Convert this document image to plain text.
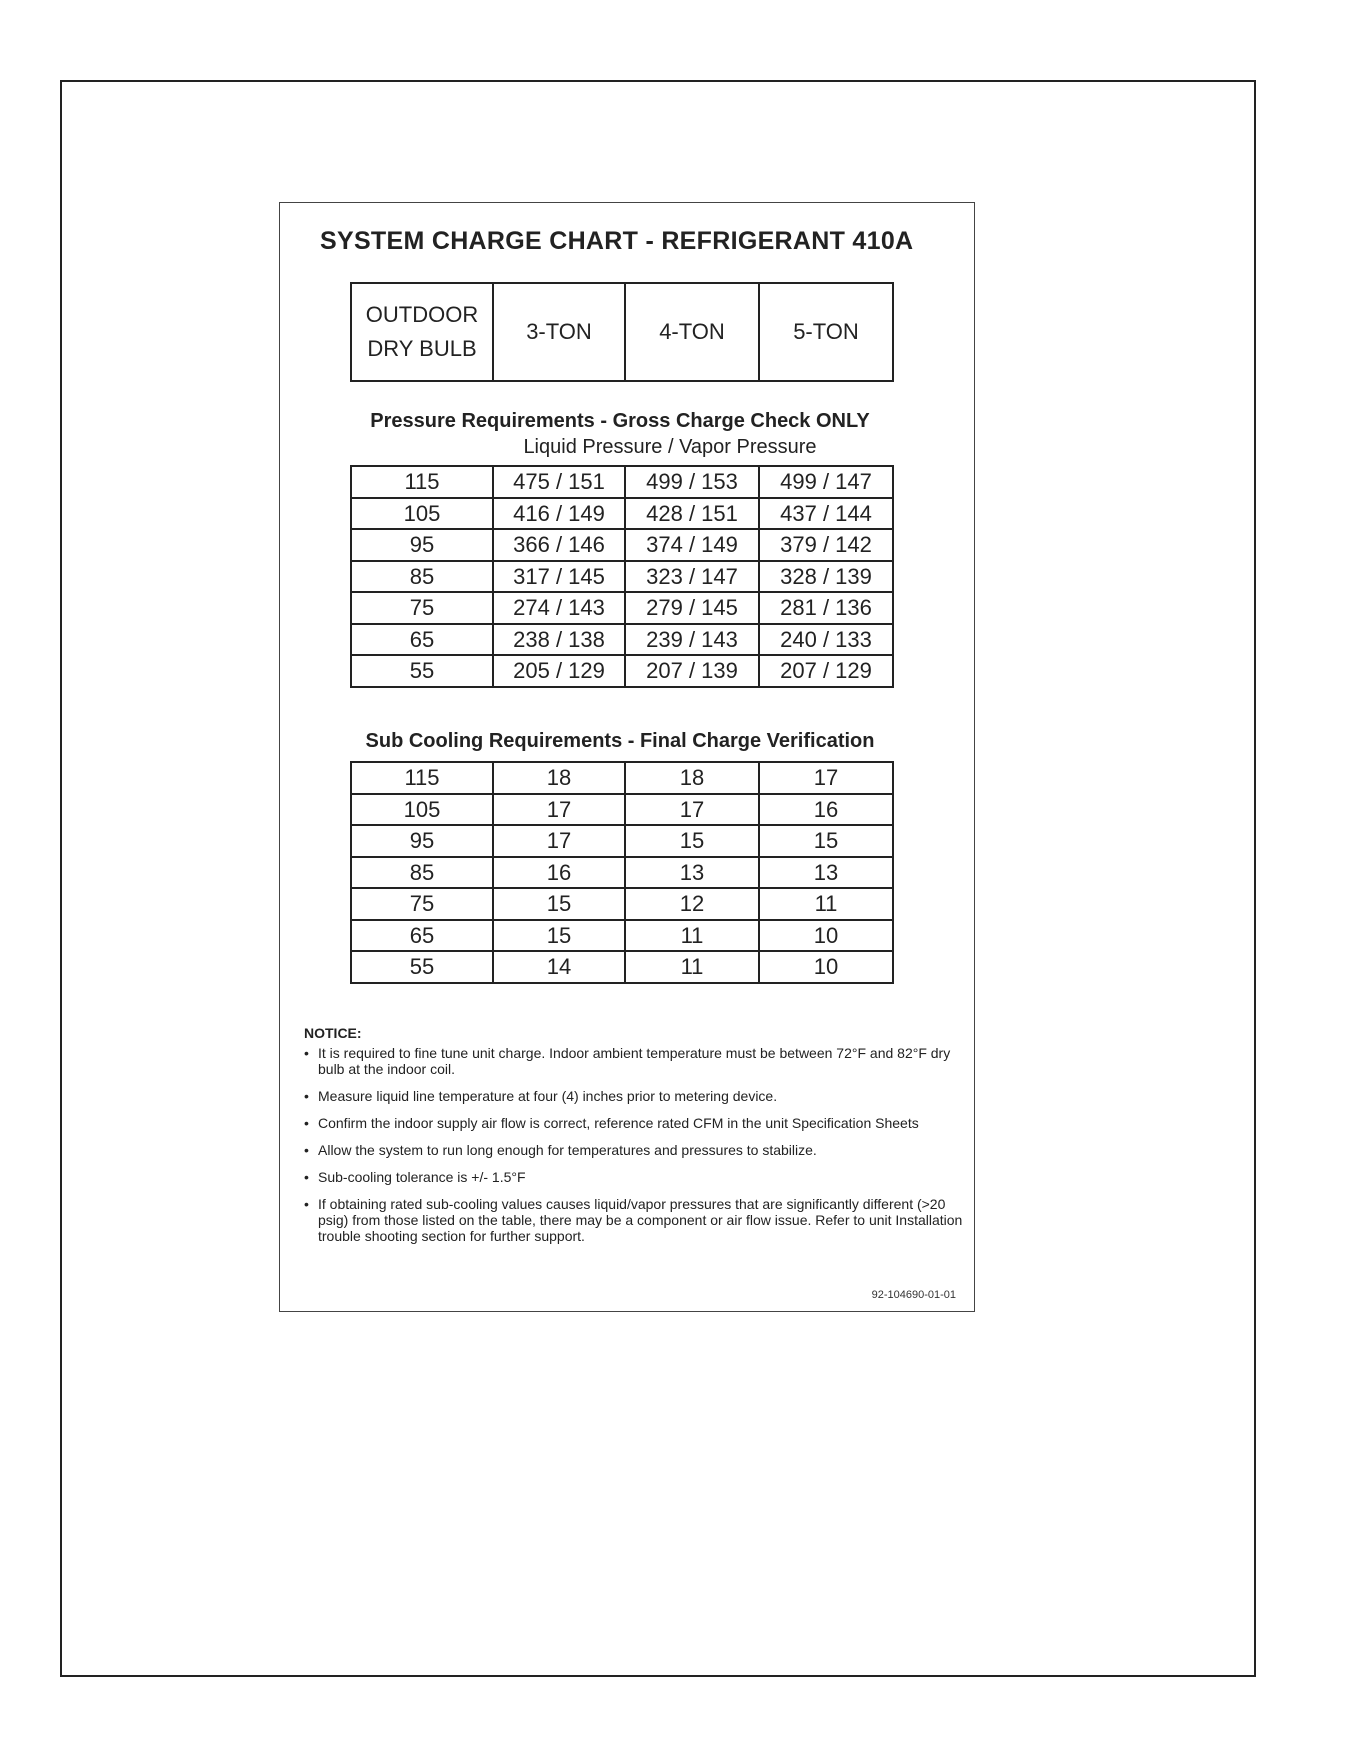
SYSTEM CHARGE CHART - REFRIGERANT 410A
OUTDOOR
DRY BULB	3-TON	4-TON	5-TON
Pressure Requirements - Gross Charge Check ONLY
Liquid Pressure / Vapor Pressure
115	475 / 151	499 / 153	499 / 147
105	416 / 149	428 / 151	437 / 144
95	366 / 146	374 / 149	379 / 142
85	317 / 145	323 / 147	328 / 139
75	274 / 143	279 / 145	281 / 136
65	238 / 138	239 / 143	240 / 133
55	205 / 129	207 / 139	207 / 129
Sub Cooling Requirements - Final Charge Verification
115	18	18	17
105	17	17	16
95	17	15	15
85	16	13	13
75	15	12	11
65	15	11	10
55	14	11	10
NOTICE:
• It is required to fine tune unit charge. Indoor ambient temperature must be between 72°F and 82°F dry bulb at the indoor coil.
• Measure liquid line temperature at four (4) inches prior to metering device.
• Confirm the indoor supply air flow is correct, reference rated CFM in the unit Specification Sheets
• Allow the system to run long enough for temperatures and pressures to stabilize.
• Sub-cooling tolerance is +/- 1.5°F
• If obtaining rated sub-cooling values causes liquid/vapor pressures that are significantly different (>20 psig) from those listed on the table, there may be a component or air flow issue. Refer to unit Installation trouble shooting section for further support.
92-104690-01-01
